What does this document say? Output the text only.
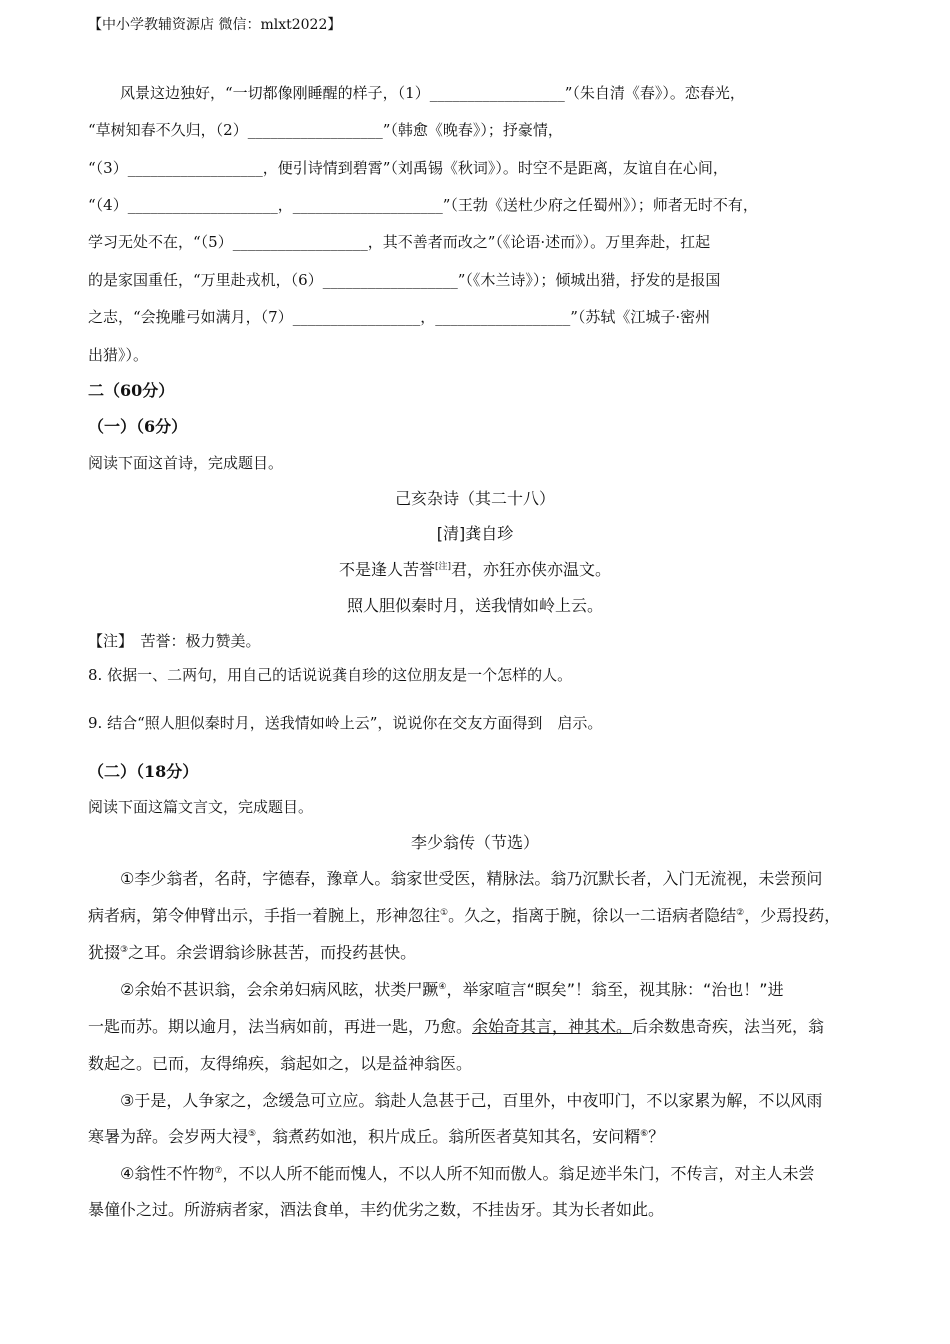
【中小学教辅资源店 微信：mlxt2022】
风景这边独好，“一切都像刚睡醒的样子，（1）__________________”（朱自清《春》）。恋春光，
“草树知春不久归，（2）__________________”（韩愈《晚春》）；抒豪情，
“（3）__________________，便引诗情到碧霄”（刘禹锡《秋词》）。时空不是距离，友谊自在心间，
“（4）____________________，____________________”（王勃《送杜少府之任蜀州》）；师者无时不有，
学习无处不在，“（5）__________________，其不善者而改之”（《论语·述而》）。万里奔赴，扛起
的是家国重任，“万里赴戎机，（6）__________________”（《木兰诗》）；倾城出猎，抒发的是报国
之志，“会挽雕弓如满月，（7）_________________，__________________”（苏轼《江城子·密州
出猎》）。
二（60分）
（一）（6分）
阅读下面这首诗，完成题目。
己亥杂诗（其二十八）
[清]龚自珍
不是逢人苦誉[注]君，亦狂亦侠亦温文。
照人胆似秦时月，送我情如岭上云。
【注】　苦誉：极力赞美。
8. 依据一、二两句，用自己的话说说龚自珍的这位朋友是一个怎样的人。
9. 结合“照人胆似秦时月，送我情如岭上云”，说说你在交友方面得到　启示。
（二）（18分）
阅读下面这篇文言文，完成题目。
李少翁传（节选）
①李少翁者，名莳，字德春，豫章人。翁家世受医，精脉法。翁乃沉默长者，入门无流视，未尝预问
病者病，第令伸臂出示，手指一着腕上，形神忽往①。久之，指离于腕，徐以一二语病者隐结②，少焉投药，
犹掇③之耳。余尝谓翁诊脉甚苦，而投药甚快。
②余始不甚识翁，会余弟妇病风眩，状类尸蹶④，举家喧言“瞑矣”！翁至，视其脉：“治也！”进
一匙而苏。期以逾月，法当病如前，再进一匙，乃愈。余始奇其言，神其术。后余数患奇疾，法当死，翁
数起之。已而，友得绵疾，翁起如之，以是益神翁医。
③于是，人争家之，念缓急可立应。翁赴人急甚于己，百里外，中夜叩门，不以家累为解，不以风雨
寒暑为辞。会岁两大祲⑤，翁煮药如池，积片成丘。翁所医者莫知其名，安问糈⑥？
④翁性不忤物⑦，不以人所不能而愧人，不以人所不知而傲人。翁足迹半朱门，不传言，对主人未尝
暴僮仆之过。所游病者家，酒法食单，丰约优劣之数，不挂齿牙。其为长者如此。
